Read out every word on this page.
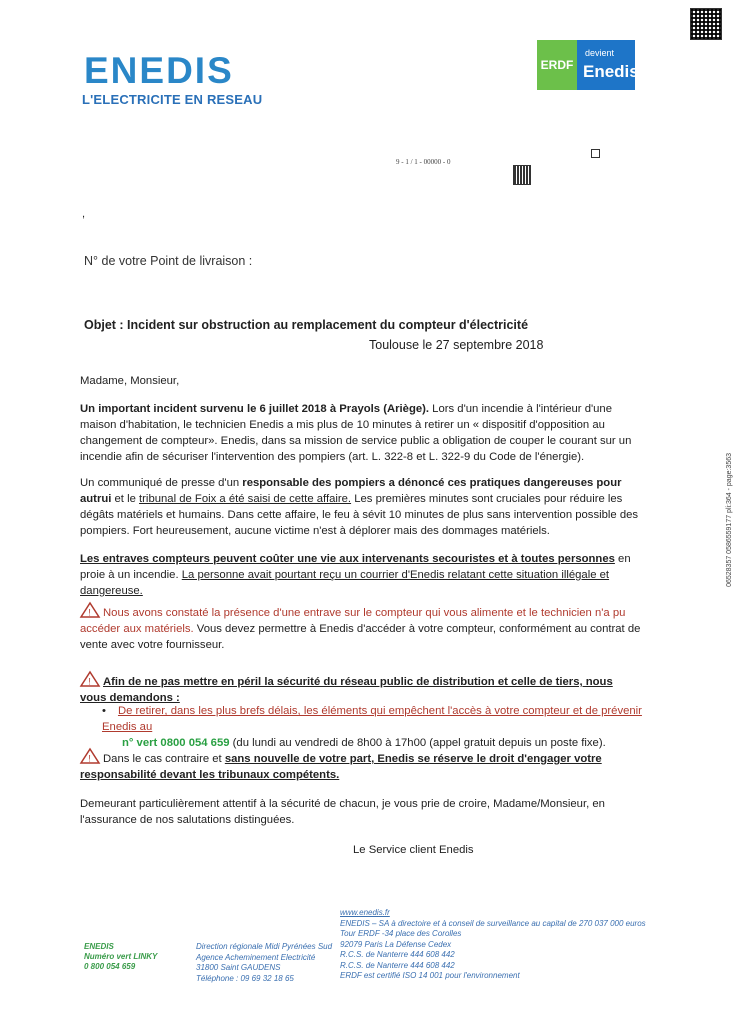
ENEDIS
L'ELECTRICITE EN RESEAU
ERDF
devient
Enedis
9 - 1 / 1 - 00000 - 0
,
N° de votre Point de livraison :
Objet : Incident sur obstruction au remplacement du compteur d'électricité
Toulouse le 27 septembre 2018
Madame, Monsieur,

Un important incident survenu le 6 juillet 2018 à Prayols (Ariège). Lors d'un incendie à l'intérieur d'une maison d'habitation, le technicien Enedis a mis plus de 10 minutes à retirer un « dispositif d'opposition au changement de compteur». Enedis, dans sa mission de service public a obligation de couper le courant sur un incendie afin de sécuriser l'intervention des pompiers (art. L. 322-8 et L. 322-9 du Code de l'énergie).

Un communiqué de presse d'un responsable des pompiers a dénoncé ces pratiques dangereuses pour autrui et le tribunal de Foix a été saisi de cette affaire. Les premières minutes sont cruciales pour réduire les dégâts matériels et humains. Dans cette affaire, le feu à sévit 10 minutes de plus sans intervention possible des pompiers. Fort heureusement, aucune victime n'est à déplorer mais des dommages matériels.

Les entraves compteurs peuvent coûter une vie aux intervenants secouristes et à toutes personnes en proie à un incendie. La personne avait pourtant reçu un courrier d'Enedis relatant cette situation illégale et dangereuse.

! Nous avons constaté la présence d'une entrave sur le compteur qui vous alimente et le technicien n'a pu accéder aux matériels. Vous devez permettre à Enedis d'accéder à votre compteur, conformément au contrat de vente avec votre fournisseur.

! Afin de ne pas mettre en péril la sécurité du réseau public de distribution et celle de tiers, nous vous demandons :

• De retirer, dans les plus brefs délais, les éléments qui empêchent l'accès à votre compteur et de prévenir Enedis au
n° vert 0800 054 659 (du lundi au vendredi de 8h00 à 17h00 (appel gratuit depuis un poste fixe).

! Dans le cas contraire et sans nouvelle de votre part, Enedis se réserve le droit d'engager votre responsabilité devant les tribunaux compétents.

Demeurant particulièrement attentif à la sécurité de chacun, je vous prie de croire, Madame/Monsieur, en l'assurance de nos salutations distinguées.
Le Service client Enedis
ENEDIS
Numéro vert LINKY
0 800 054 659
Direction régionale Midi Pyrénées Sud
Agence Acheminement Electricité
31800 Saint GAUDENS
Téléphone : 09 69 32 18 65
www.enedis.fr
ENEDIS – SA à directoire et à conseil de surveillance au capital de 270 037 000 euros
Tour ERDF -34 place des Corolles
92079 Paris La Défense Cedex
R.C.S. de Nanterre 444 608 442
R.C.S. de Nanterre 444 608 442
ERDF est certifié ISO 14 001 pour l'environnement
06528357 0586559177 pli:364 - page:3563
